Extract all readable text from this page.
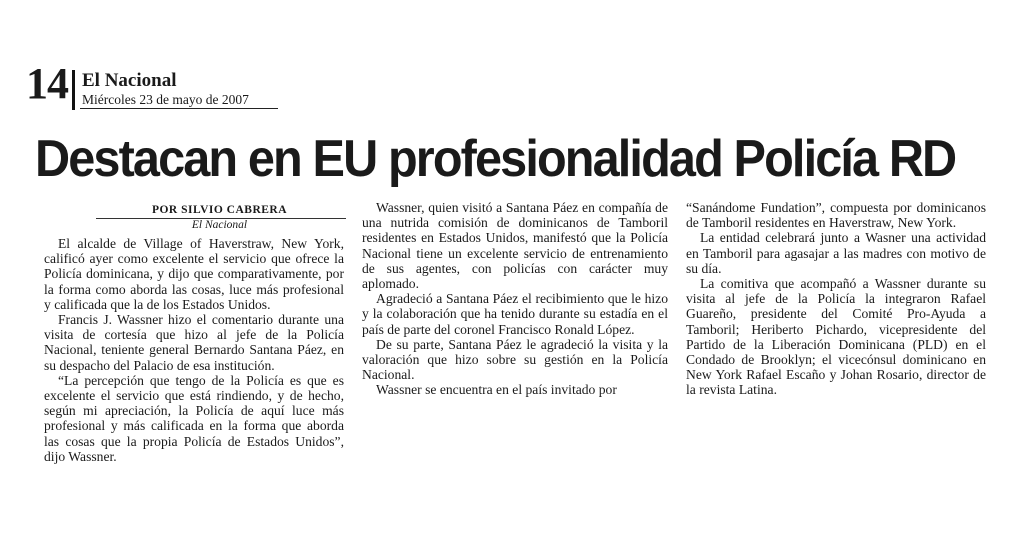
14 El Nacional
Miércoles 23 de mayo de 2007
Destacan en EU profesionalidad Policía RD
POR SILVIO CABRERA
El Nacional

El alcalde de Village of Haverstraw, New York, calificó ayer como excelente el servicio que ofrece la Policía dominicana, y dijo que comparativamente, por la forma como aborda las cosas, luce más profesional y calificada que la de los Estados Unidos.

Francis J. Wassner hizo el comentario durante una visita de cortesía que hizo al jefe de la Policía Nacional, teniente general Bernardo Santana Páez, en su despacho del Palacio de esa institución.

“La percepción que tengo de la Policía es que es excelente el servicio que está rindiendo, y de hecho, según mi apreciación, la Policía de aquí luce más profesional y más calificada en la forma que aborda las cosas que la propia Policía de Estados Unidos”, dijo Wassner.

Wassner, quien visitó a Santana Páez en compañía de una nutrida comisión de dominicanos de Tamboril residentes en Estados Unidos, manifestó que la Policía Nacional tiene un excelente servicio de entrenamiento de sus agentes, con policías con carácter muy aplomado.

Agradeció a Santana Páez el recibimiento que le hizo y la colaboración que ha tenido durante su estadía en el país de parte del coronel Francisco Ronald López.

De su parte, Santana Páez le agradeció la visita y la valoración que hizo sobre su gestión en la Policía Nacional.

Wassner se encuentra en el país invitado por

“Sanándome Fundation”, compuesta por dominicanos de Tamboril residentes en Haverstraw, New York.

La entidad celebrará junto a Wasner una actividad en Tamboril para agasajar a las madres con motivo de su día.

La comitiva que acompañó a Wassner durante su visita al jefe de la Policía la integraron Rafael Guareño, presidente del Comité Pro-Ayuda a Tamboril; Heriberto Pichardo, vicepresidente del Partido de la Liberación Dominicana (PLD) en el Condado de Brooklyn; el vicecónsul dominicano en New York Rafael Escaño y Johan Rosario, director de la revista Latina.
